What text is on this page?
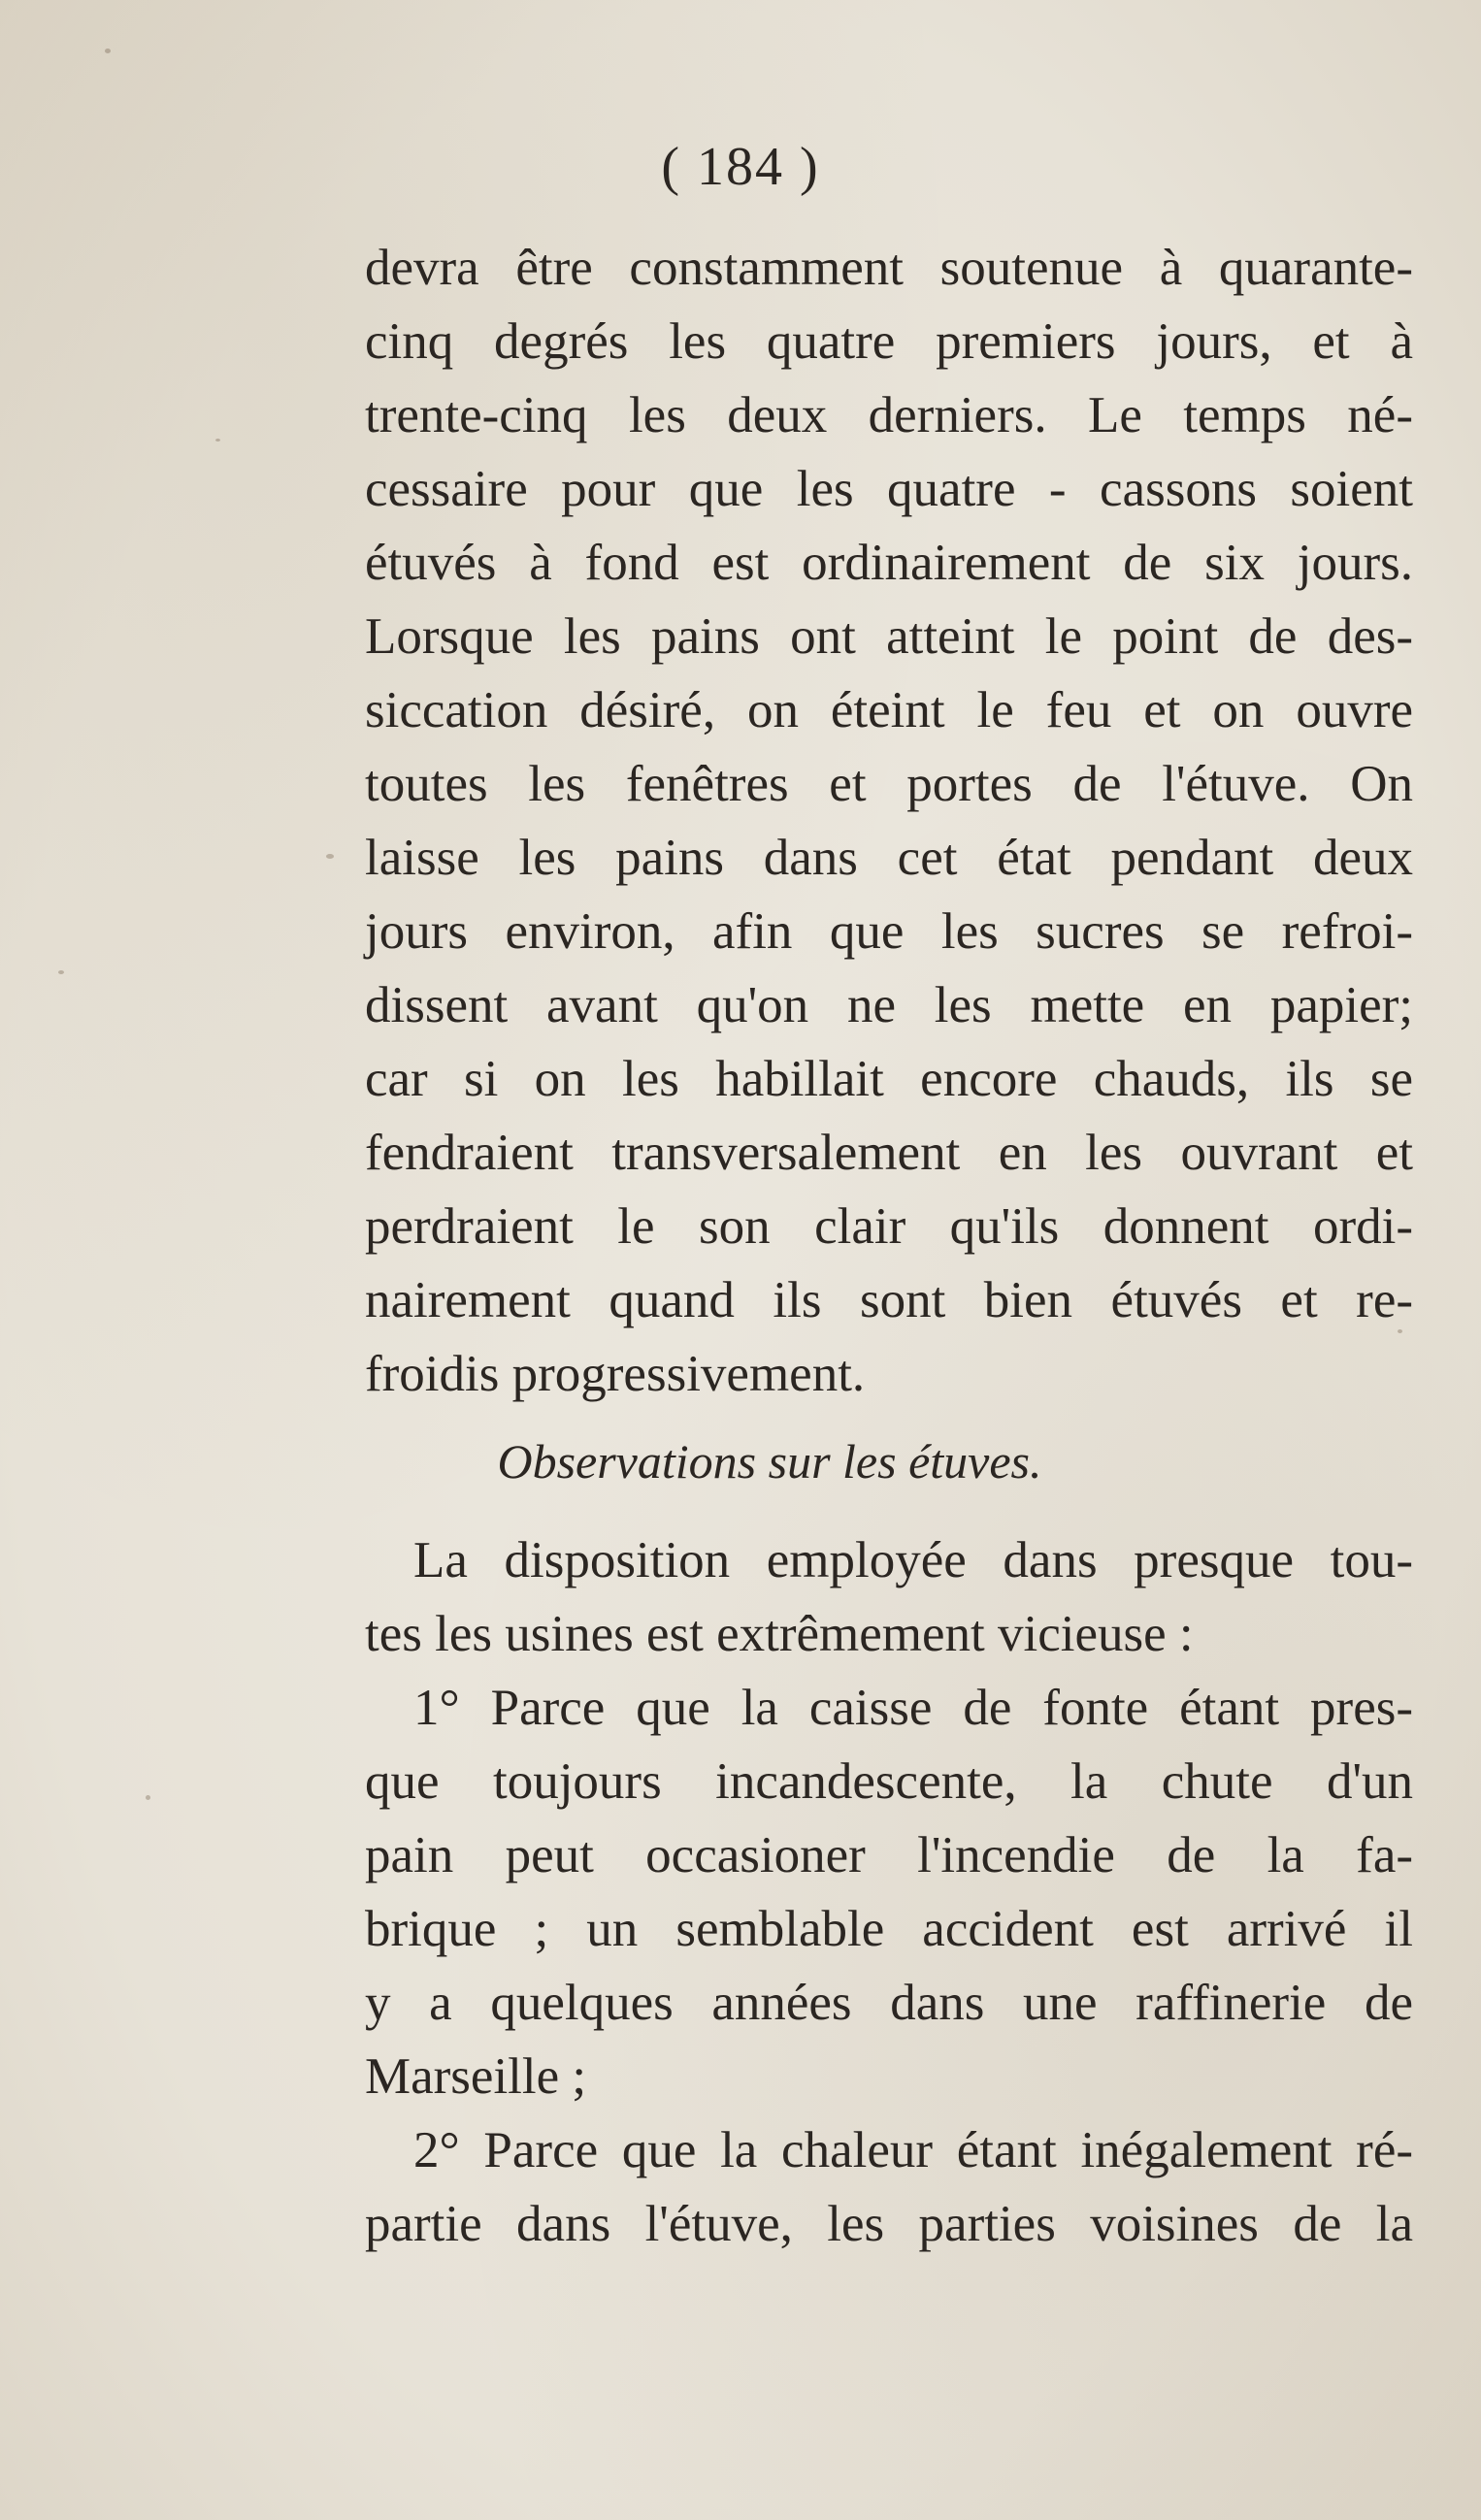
( 184 )
devra être constamment soutenue à quarante-
cinq degrés les quatre premiers jours, et à
trente-cinq les deux derniers. Le temps né-
cessaire pour que les quatre - cassons soient
étuvés à fond est ordinairement de six jours.
Lorsque les pains ont atteint le point de des-
siccation désiré, on éteint le feu et on ouvre
toutes les fenêtres et portes de l'étuve. On
laisse les pains dans cet état pendant deux
jours environ, afin que les sucres se refroi-
dissent avant qu'on ne les mette en papier;
car si on les habillait encore chauds, ils se
fendraient transversalement en les ouvrant et
perdraient le son clair qu'ils donnent ordi-
nairement quand ils sont bien étuvés et re-
froidis progressivement.
Observations sur les étuves.
La disposition employée dans presque tou-
tes les usines est extrêmement vicieuse :
1° Parce que la caisse de fonte étant pres-
que toujours incandescente, la chute d'un
pain peut occasioner l'incendie de la fa-
brique ; un semblable accident est arrivé il
y a quelques années dans une raffinerie de
Marseille ;
2° Parce que la chaleur étant inégalement ré-
partie dans l'étuve, les parties voisines de la
